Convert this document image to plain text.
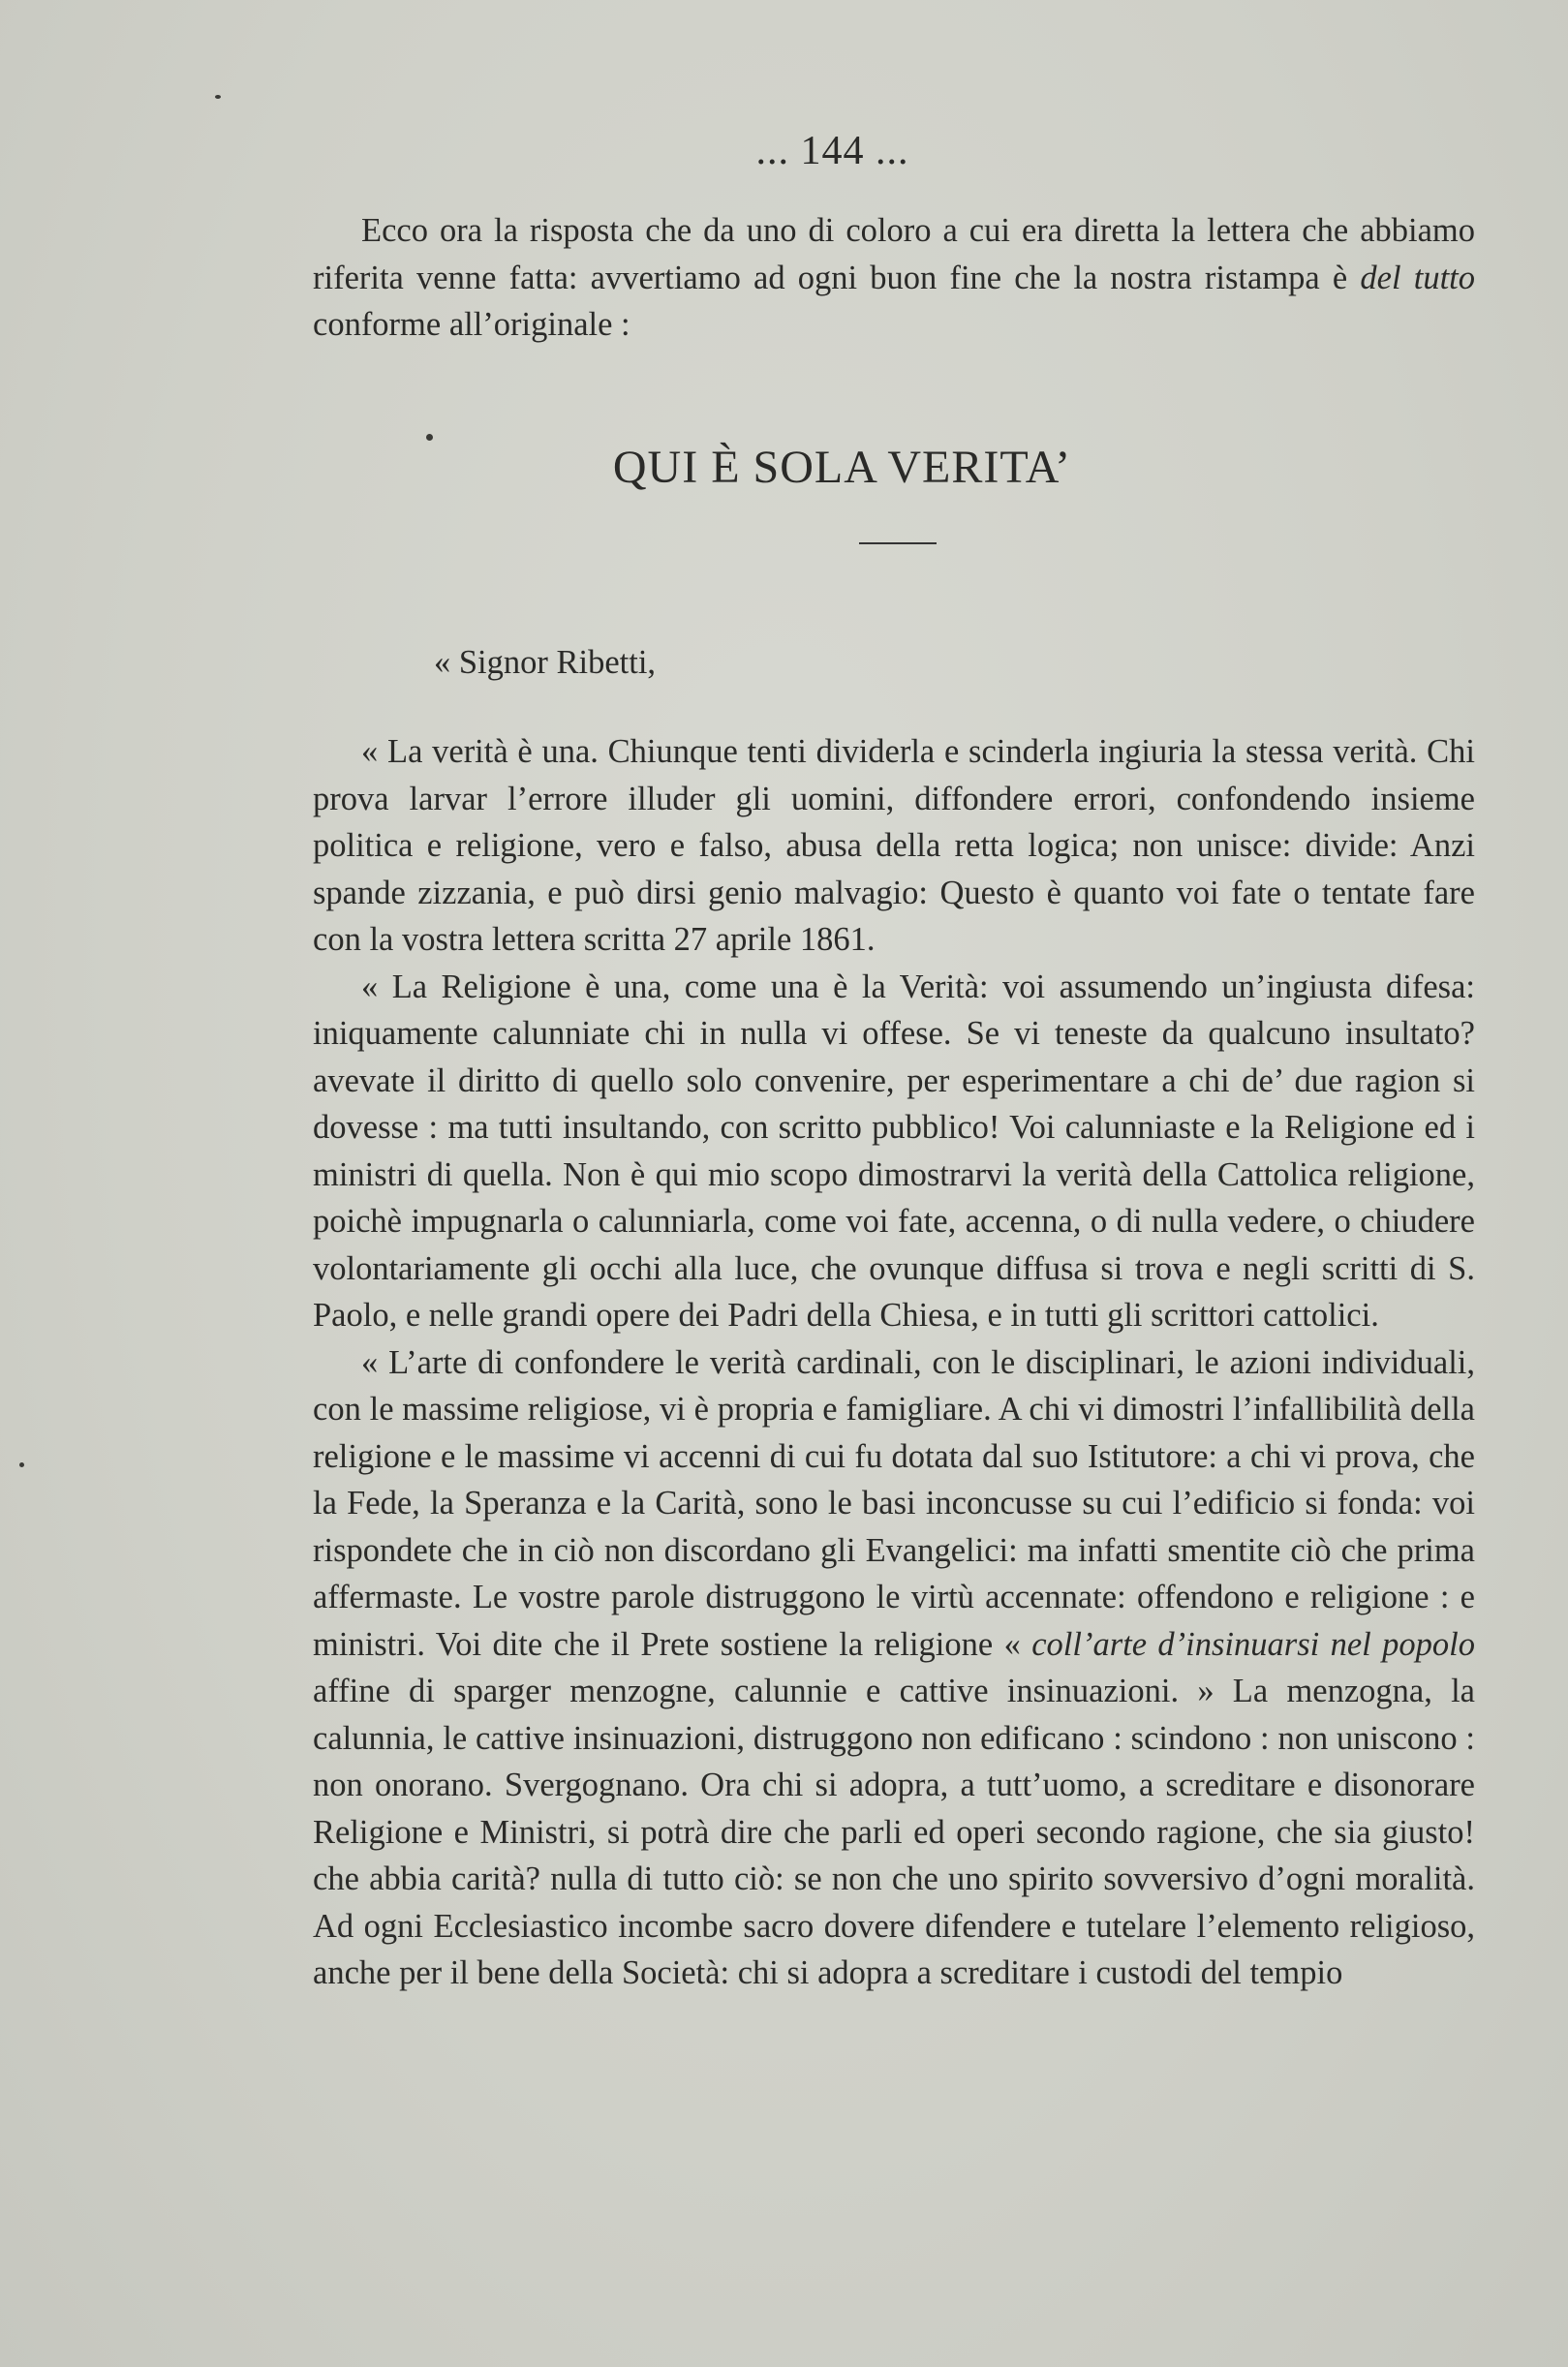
... 144 ...
Ecco ora la risposta che da uno di coloro a cui era diretta la lettera che abbiamo riferita venne fatta: avvertiamo ad ogni buon fine che la nostra ristampa è del tutto conforme all’originale :
QUI È SOLA VERITA’
« Signor Ribetti,

« La verità è una. Chiunque tenti dividerla e scinderla ingiuria la stessa verità. Chi prova larvar l’errore illuder gli uomini, diffondere errori, confondendo insieme politica e religione, vero e falso, abusa della retta logica; non unisce: divide: Anzi spande zizzania, e può dirsi genio malvagio: Questo è quanto voi fate o tentate fare con la vostra lettera scritta 27 aprile 1861.

« La Religione è una, come una è la Verità: voi assumendo un’ingiusta difesa: iniquamente calunniate chi in nulla vi offese. Se vi teneste da qualcuno insultato? avevate il diritto di quello solo convenire, per esperimentare a chi de’ due ragion si dovesse : ma tutti insultando, con scritto pubblico! Voi calunniaste e la Religione ed i ministri di quella. Non è qui mio scopo dimostrarvi la verità della Cattolica religione, poichè impugnarla o calunniarla, come voi fate, accenna, o di nulla vedere, o chiudere volontariamente gli occhi alla luce, che ovunque diffusa si trova e negli scritti di S. Paolo, e nelle grandi opere dei Padri della Chiesa, e in tutti gli scrittori cattolici.

« L’arte di confondere le verità cardinali, con le disciplinari, le azioni individuali, con le massime religiose, vi è propria e famigliare. A chi vi dimostri l’infallibilità della religione e le massime vi accenni di cui fu dotata dal suo Istitutore: a chi vi prova, che la Fede, la Speranza e la Carità, sono le basi inconcusse su cui l’edificio si fonda: voi rispondete che in ciò non discordano gli Evangelici: ma infatti smentite ciò che prima affermaste. Le vostre parole distruggono le virtù accennate: offendono e religione : e ministri. Voi dite che il Prete sostiene la religione « coll’arte d’insinuarsi nel popolo affine di sparger menzogne, calunnie e cattive insinuazioni. » La menzogna, la calunnia, le cattive insinuazioni, distruggono non edificano : scindono : non uniscono : non onorano. Svergognano. Ora chi si adopra, a tutt’uomo, a screditare e disonorare Religione e Ministri, si potrà dire che parli ed operi secondo ragione, che sia giusto! che abbia carità? nulla di tutto ciò: se non che uno spirito sovversivo d’ogni moralità. Ad ogni Ecclesiastico incombe sacro dovere difendere e tutelare l’elemento religioso, anche per il bene della Società: chi si adopra a screditare i custodi del tempio
